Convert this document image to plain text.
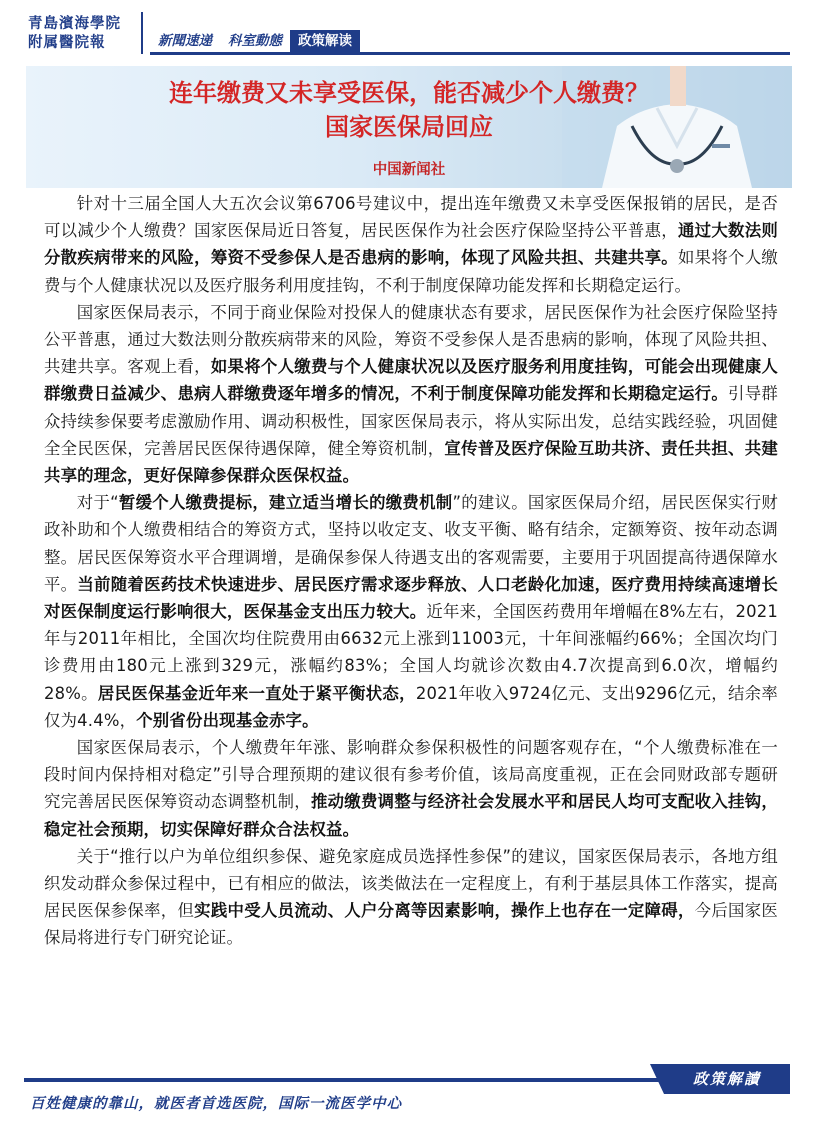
青島濱海學院
附属醫院報	新聞速递	科室動態	政策解读
连年缴费又未享受医保，能否减少个人缴费？
国家医保局回应
中国新闻社

针对十三届全国人大五次会议第6706号建议中，提出连年缴费又未享受医保报销的居民，是否可以减少个人缴费？国家医保局近日答复，居民医保作为社会医疗保险坚持公平普惠，通过大数法则分散疾病带来的风险，筹资不受参保人是否患病的影响，体现了风险共担、共建共享。如果将个人缴费与个人健康状况以及医疗服务利用度挂钩，不利于制度保障功能发挥和长期稳定运行。

国家医保局表示，不同于商业保险对投保人的健康状态有要求，居民医保作为社会医疗保险坚持公平普惠，通过大数法则分散疾病带来的风险，筹资不受参保人是否患病的影响，体现了风险共担、共建共享。客观上看，如果将个人缴费与个人健康状况以及医疗服务利用度挂钩，可能会出现健康人群缴费日益减少、患病人群缴费逐年增多的情况，不利于制度保障功能发挥和长期稳定运行。引导群众持续参保要考虑激励作用、调动积极性，国家医保局表示，将从实际出发，总结实践经验，巩固健全全民医保，完善居民医保待遇保障，健全筹资机制，宣传普及医疗保险互助共济、责任共担、共建共享的理念，更好保障参保群众医保权益。

对于“暂缓个人缴费提标，建立适当增长的缴费机制”的建议。国家医保局介绍，居民医保实行财政补助和个人缴费相结合的筹资方式，坚持以收定支、收支平衡、略有结余，定额筹资、按年动态调整。居民医保筹资水平合理调增，是确保参保人待遇支出的客观需要，主要用于巩固提高待遇保障水平。当前随着医药技术快速进步、居民医疗需求逐步释放、人口老龄化加速，医疗费用持续高速增长对医保制度运行影响很大，医保基金支出压力较大。近年来，全国医药费用年增幅在8%左右，2021年与2011年相比，全国次均住院费用由6632元上涨到11003元，十年间涨幅约66%；全国次均门诊费用由180元上涨到329元，涨幅约83%；全国人均就诊次数由4.7次提高到6.0次，增幅约28%。居民医保基金近年来一直处于紧平衡状态，2021年收入9724亿元、支出9296亿元，结余率仅为4.4%，个别省份出现基金赤字。

国家医保局表示，个人缴费年年涨、影响群众参保积极性的问题客观存在，“个人缴费标准在一段时间内保持相对稳定”引导合理预期的建议很有参考价值，该局高度重视，正在会同财政部专题研究完善居民医保筹资动态调整机制，推动缴费调整与经济社会发展水平和居民人均可支配收入挂钩，稳定社会预期，切实保障好群众合法权益。

关于“推行以户为单位组织参保、避免家庭成员选择性参保”的建议，国家医保局表示，各地方组织发动群众参保过程中，已有相应的做法，该类做法在一定程度上，有利于基层具体工作落实，提高居民医保参保率，但实践中受人员流动、人户分离等因素影响，操作上也存在一定障碍，今后国家医保局将进行专门研究论证。

政策解讀
百姓健康的靠山，就医者首选医院，国际一流医学中心
